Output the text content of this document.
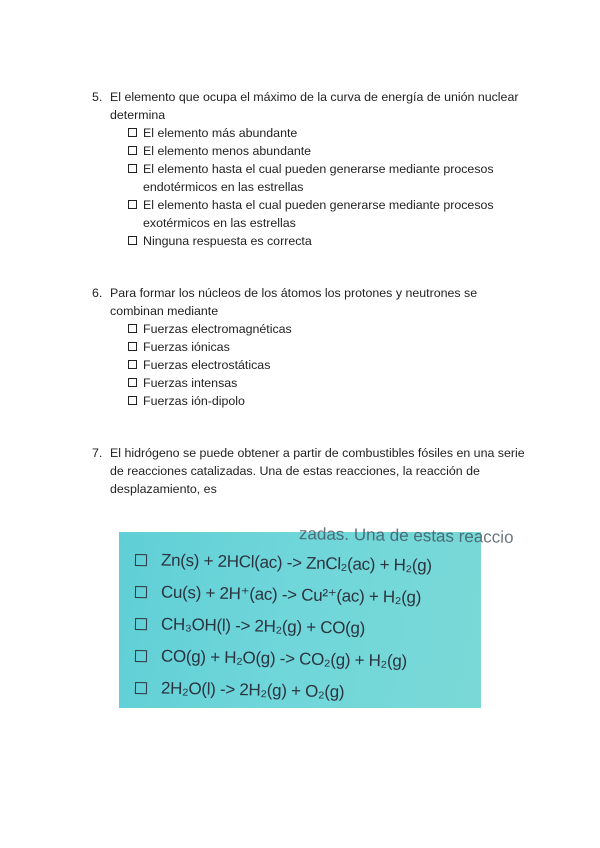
5. El elemento que ocupa el máximo de la curva de energía de unión nuclear determina
El elemento más abundante
El elemento menos abundante
El elemento hasta el cual pueden generarse mediante procesos endotérmicos en las estrellas
El elemento hasta el cual pueden generarse mediante procesos exotérmicos en las estrellas
Ninguna respuesta es correcta
6. Para formar los núcleos de los átomos los protones y neutrones se combinan mediante
Fuerzas electromagnéticas
Fuerzas iónicas
Fuerzas electrostáticas
Fuerzas intensas
Fuerzas ión-dipolo
7. El hidrógeno se puede obtener a partir de combustibles fósiles en una serie de reacciones catalizadas. Una de estas reacciones, la reacción de desplazamiento, es
zadas. Una de estas reaccio
Zn(s) + 2HCl(ac) -> ZnCl₂(ac) + H₂(g)
Cu(s) + 2H⁺(ac) -> Cu²⁺(ac) + H₂(g)
CH₃OH(l) -> 2H₂(g) + CO(g)
CO(g) + H₂O(g) -> CO₂(g) + H₂(g)
2H₂O(l) -> 2H₂(g) + O₂(g)
